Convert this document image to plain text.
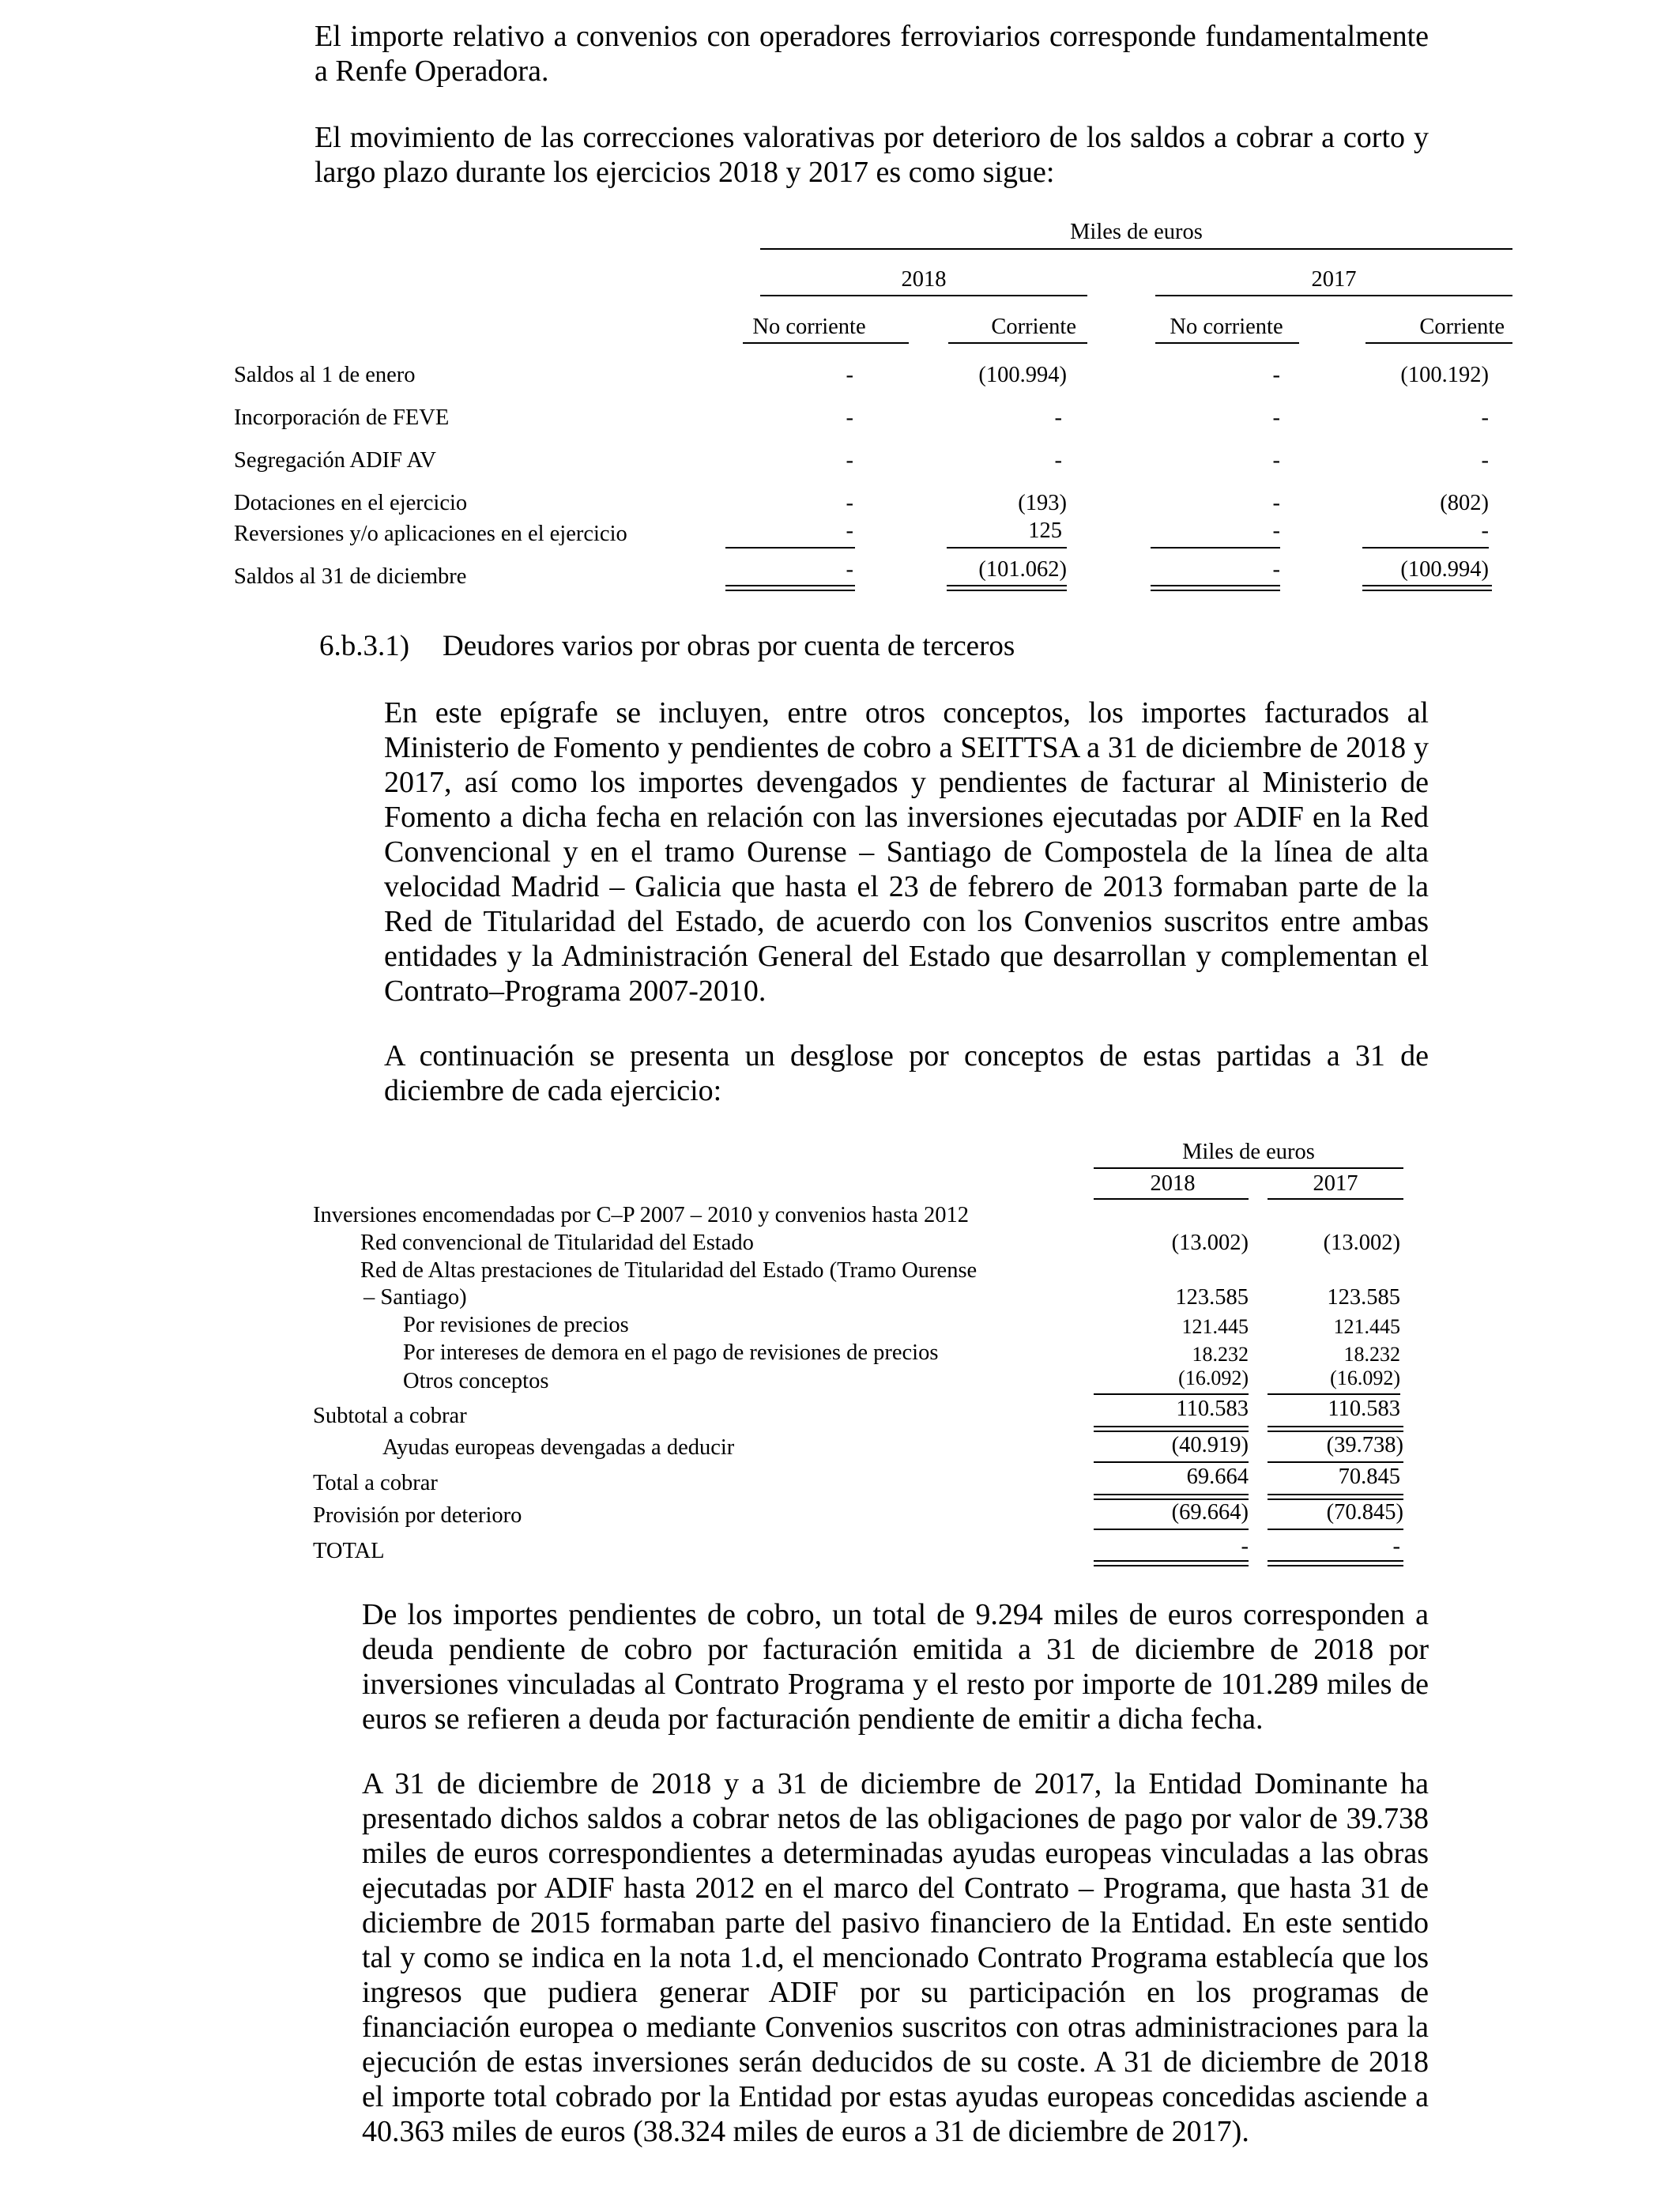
El importe relativo a convenios con operadores ferroviarios corresponde fundamentalmente a Renfe Operadora.

El movimiento de las correcciones valorativas por deterioro de los saldos a cobrar a corto y largo plazo durante los ejercicios 2018 y 2017 es como sigue:

Miles de euros
2018	2017
No corriente	Corriente	No corriente	Corriente
Saldos al 1 de enero	-	(100.994)	-	(100.192)
Incorporación de FEVE	-	-	-	-
Segregación ADIF AV	-	-	-	-
Dotaciones en el ejercicio	-	(193)	-	(802)
Reversiones y/o aplicaciones en el ejercicio	-	125	-	-
Saldos al 31 de diciembre	-	(101.062)	-	(100.994)
6.b.3.1) Deudores varios por obras por cuenta de terceros

En este epígrafe se incluyen, entre otros conceptos, los importes facturados al Ministerio de Fomento y pendientes de cobro a SEITTSA a 31 de diciembre de 2018 y 2017, así como los importes devengados y pendientes de facturar al Ministerio de Fomento a dicha fecha en relación con las inversiones ejecutadas por ADIF en la Red Convencional y en el tramo Ourense – Santiago de Compostela de la línea de alta velocidad Madrid – Galicia que hasta el 23 de febrero de 2013 formaban parte de la Red de Titularidad del Estado, de acuerdo con los Convenios suscritos entre ambas entidades y la Administración General del Estado que desarrollan y complementan el Contrato–Programa 2007-2010.

A continuación se presenta un desglose por conceptos de estas partidas a 31 de diciembre de cada ejercicio:

Miles de euros
2018	2017
Inversiones encomendadas por C–P 2007 – 2010 y convenios hasta 2012
Red convencional de Titularidad del Estado	(13.002)	(13.002)
Red de Altas prestaciones de Titularidad del Estado (Tramo Ourense
– Santiago)	123.585	123.585
Por revisiones de precios	121.445	121.445
Por intereses de demora en el pago de revisiones de precios	18.232	18.232
Otros conceptos	(16.092)	(16.092)
Subtotal a cobrar	110.583	110.583
Ayudas europeas devengadas a deducir	(40.919)	(39.738)
Total a cobrar	69.664	70.845
Provisión por deterioro	(69.664)	(70.845)
TOTAL	-	-

De los importes pendientes de cobro, un total de 9.294 miles de euros corresponden a deuda pendiente de cobro por facturación emitida a 31 de diciembre de 2018 por inversiones vinculadas al Contrato Programa y el resto por importe de 101.289 miles de euros se refieren a deuda por facturación pendiente de emitir a dicha fecha.

A 31 de diciembre de 2018 y a 31 de diciembre de 2017, la Entidad Dominante ha presentado dichos saldos a cobrar netos de las obligaciones de pago por valor de 39.738 miles de euros correspondientes a determinadas ayudas europeas vinculadas a las obras ejecutadas por ADIF hasta 2012 en el marco del Contrato – Programa, que hasta 31 de diciembre de 2015 formaban parte del pasivo financiero de la Entidad. En este sentido tal y como se indica en la nota 1.d, el mencionado Contrato Programa establecía que los ingresos que pudiera generar ADIF por su participación en los programas de financiación europea o mediante Convenios suscritos con otras administraciones para la ejecución de estas inversiones serán deducidos de su coste. A 31 de diciembre de 2018 el importe total cobrado por la Entidad por estas ayudas europeas concedidas asciende a 40.363 miles de euros (38.324 miles de euros a 31 de diciembre de 2017).
